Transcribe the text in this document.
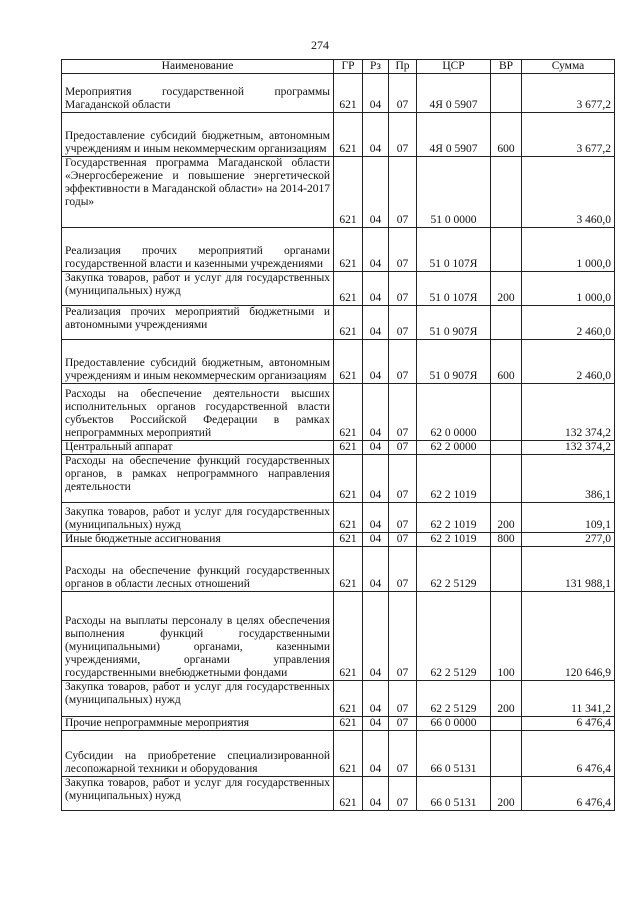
274
Наименование	ГР	Рз	Пр	ЦСР	ВР	Сумма
Мероприятия государственной программы Магаданской области	621	04	07	4Я 0 5907		3 677,2
Предоставление субсидий бюджетным, автономным учреждениям и иным некоммерческим организациям	621	04	07	4Я 0 5907	600	3 677,2
Государственная программа Магаданской области «Энергосбережение и повышение энергетической эффективности в Магаданской области» на 2014-2017 годы»	621	04	07	51 0 0000		3 460,0
Реализация прочих мероприятий органами государственной власти и казенными учреждениями	621	04	07	51 0 107Я		1 000,0
Закупка товаров, работ и услуг для государственных (муниципальных) нужд	621	04	07	51 0 107Я	200	1 000,0
Реализация прочих мероприятий бюджетными и автономными учреждениями	621	04	07	51 0 907Я		2 460,0
Предоставление субсидий бюджетным, автономным учреждениям и иным некоммерческим организациям	621	04	07	51 0 907Я	600	2 460,0
Расходы на обеспечение деятельности высших исполнительных органов государственной власти субъектов Российской Федерации в рамках непрограммных мероприятий	621	04	07	62 0 0000		132 374,2
Центральный аппарат	621	04	07	62 2 0000		132 374,2
Расходы на обеспечение функций государственных органов, в рамках непрограммного направления деятельности	621	04	07	62 2 1019		386,1
Закупка товаров, работ и услуг для государственных (муниципальных) нужд	621	04	07	62 2 1019	200	109,1
Иные бюджетные ассигнования	621	04	07	62 2 1019	800	277,0
Расходы на обеспечение функций государственных органов в области лесных отношений	621	04	07	62 2 5129		131 988,1
Расходы на выплаты персоналу в целях обеспечения выполнения функций государственными (муниципальными) органами, казенными учреждениями, органами управления государственными внебюджетными фондами	621	04	07	62 2 5129	100	120 646,9
Закупка товаров, работ и услуг для государственных (муниципальных) нужд	621	04	07	62 2 5129	200	11 341,2
Прочие непрограммные мероприятия	621	04	07	66 0 0000		6 476,4
Субсидии на приобретение специализированной лесопожарной техники и оборудования	621	04	07	66 0 5131		6 476,4
Закупка товаров, работ и услуг для государственных (муниципальных) нужд	621	04	07	66 0 5131	200	6 476,4
